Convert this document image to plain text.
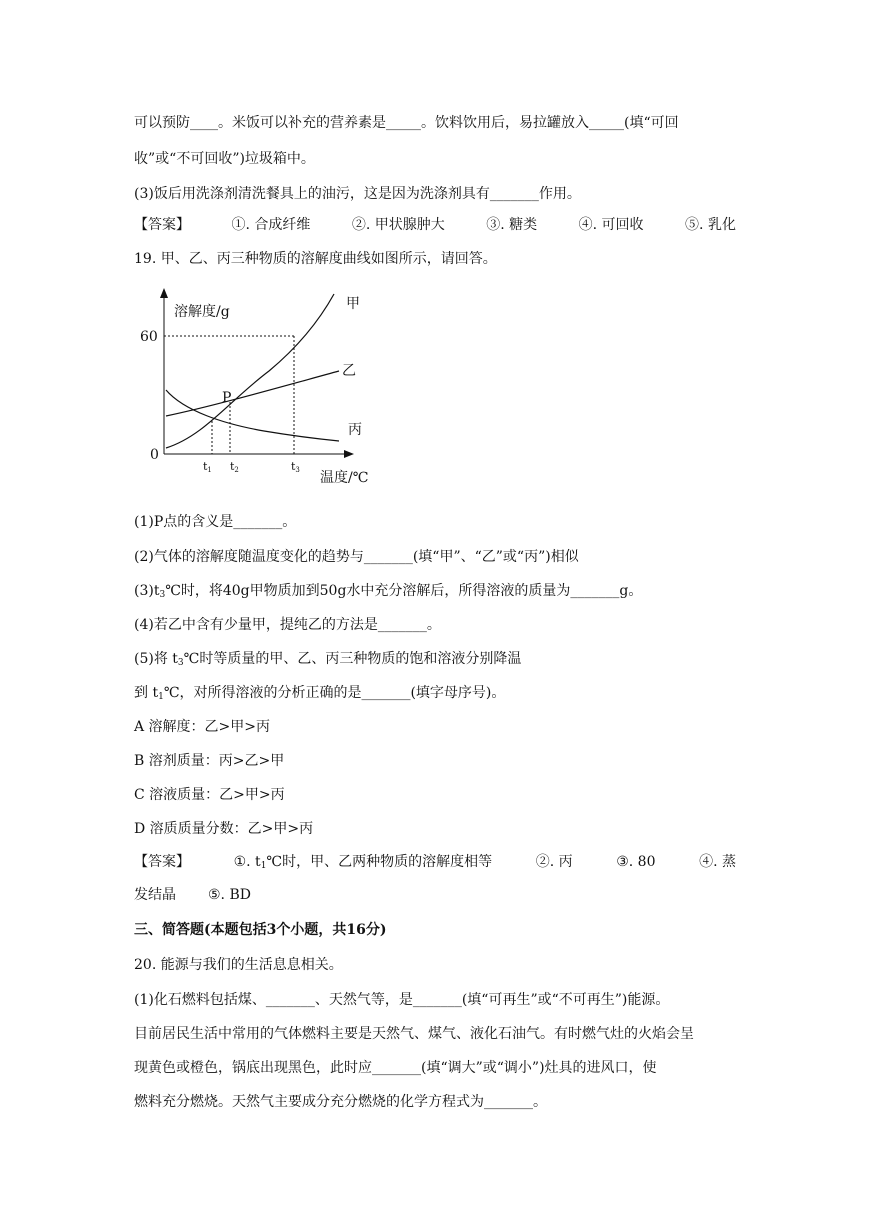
可以预防____。米饭可以补充的营养素是_____。饮料饮用后，易拉罐放入_____(填“可回
收”或“不可回收”)垃圾箱中。
(3)饭后用洗涤剂清洗餐具上的油污，这是因为洗涤剂具有_______作用。
【答案】	①. 合成纤维	②. 甲状腺肿大	③. 糖类	④. 可回收	⑤. 乳化
19. 甲、乙、丙三种物质的溶解度曲线如图所示，请回答。
溶解度/g
60
0
温度/℃
t1 t2	t3
P
甲
乙
丙
(1)P点的含义是_______。
(2)气体的溶解度随温度变化的趋势与_______(填“甲”、“乙”或“丙”)相似
$(3)t_3℃$时，将40g甲物质加到50g水中充分溶解后，所得溶液的质量为_______g。
(4)若乙中含有少量甲，提纯乙的方法是_______。
(5)将 $t_3℃$时等质量的甲、乙、丙三种物质的饱和溶液分别降温
到 $t_1℃$，对所得溶液的分析正确的是_______(填字母序号)。
A 溶解度：乙>甲>丙
B 溶剂质量：丙>乙>甲
C 溶液质量：乙>甲>丙
D 溶质质量分数：乙>甲>丙
【答案】	①. $t_1℃$时，甲、乙两种物质的溶解度相等	②. 丙	③. 80	④. 蒸
发结晶 ⑤. BD
三、简答题(本题包括3个小题，共16分)
20. 能源与我们的生活息息相关。
(1)化石燃料包括煤、_______、天然气等，是_______(填“可再生”或“不可再生”)能源。
目前居民生活中常用的气体燃料主要是天然气、煤气、液化石油气。有时燃气灶的火焰会呈
现黄色或橙色，锅底出现黑色，此时应_______(填“调大”或“调小”)灶具的进风口，使
燃料充分燃烧。天然气主要成分充分燃烧的化学方程式为_______。
